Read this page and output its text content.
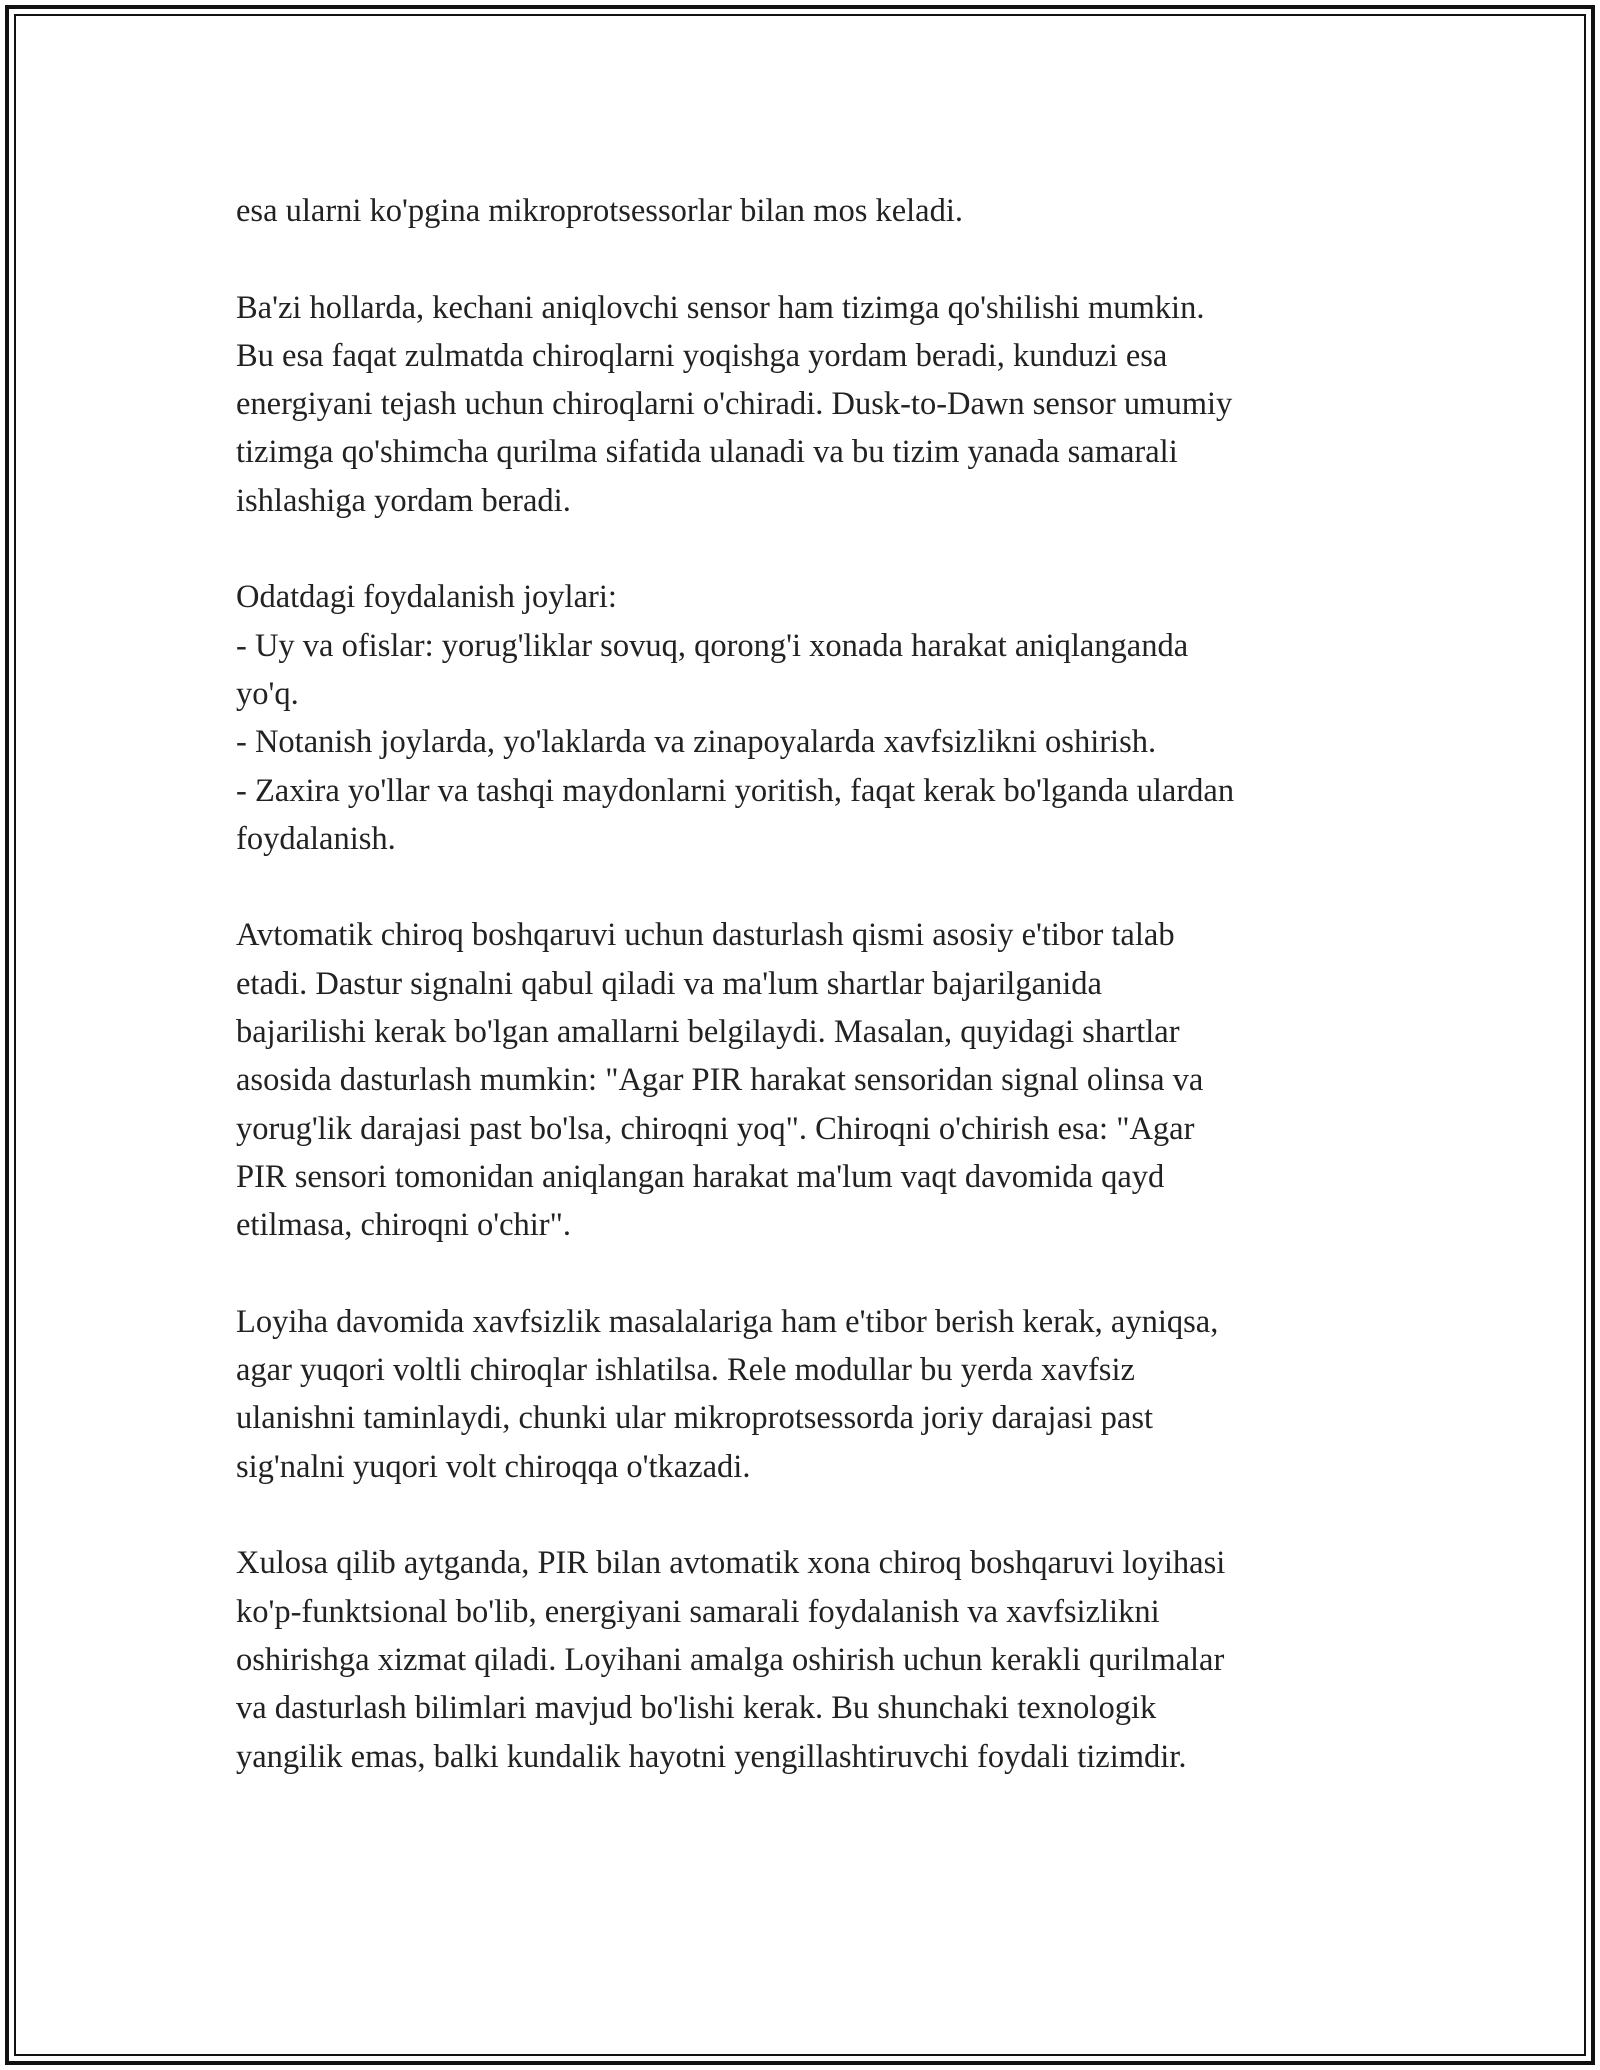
esa ularni ko'pgina mikroprotsessorlar bilan mos keladi.

Ba'zi hollarda, kechani aniqlovchi sensor ham tizimga qo'shilishi mumkin.
Bu esa faqat zulmatda chiroqlarni yoqishga yordam beradi, kunduzi esa
energiyani tejash uchun chiroqlarni o'chiradi. Dusk-to-Dawn sensor umumiy
tizimga qo'shimcha qurilma sifatida ulanadi va bu tizim yanada samarali
ishlashiga yordam beradi.

Odatdagi foydalanish joylari:
- Uy va ofislar: yorug'liklar sovuq, qorong'i xonada harakat aniqlanganda
yo'q.
- Notanish joylarda, yo'laklarda va zinapoyalarda xavfsizlikni oshirish.
- Zaxira yo'llar va tashqi maydonlarni yoritish, faqat kerak bo'lganda ulardan
foydalanish.

Avtomatik chiroq boshqaruvi uchun dasturlash qismi asosiy e'tibor talab
etadi. Dastur signalni qabul qiladi va ma'lum shartlar bajarilganida
bajarilishi kerak bo'lgan amallarni belgilaydi. Masalan, quyidagi shartlar
asosida dasturlash mumkin: "Agar PIR harakat sensoridan signal olinsa va
yorug'lik darajasi past bo'lsa, chiroqni yoq". Chiroqni o'chirish esa: "Agar
PIR sensori tomonidan aniqlangan harakat ma'lum vaqt davomida qayd
etilmasa, chiroqni o'chir".

Loyiha davomida xavfsizlik masalalariga ham e'tibor berish kerak, ayniqsa,
agar yuqori voltli chiroqlar ishlatilsa. Rele modullar bu yerda xavfsiz
ulanishni taminlaydi, chunki ular mikroprotsessorda joriy darajasi past
sig'nalni yuqori volt chiroqqa o'tkazadi.

Xulosa qilib aytganda, PIR bilan avtomatik xona chiroq boshqaruvi loyihasi
ko'p-funktsional bo'lib, energiyani samarali foydalanish va xavfsizlikni
oshirishga xizmat qiladi. Loyihani amalga oshirish uchun kerakli qurilmalar
va dasturlash bilimlari mavjud bo'lishi kerak. Bu shunchaki texnologik
yangilik emas, balki kundalik hayotni yengillashtiruvchi foydali tizimdir.
